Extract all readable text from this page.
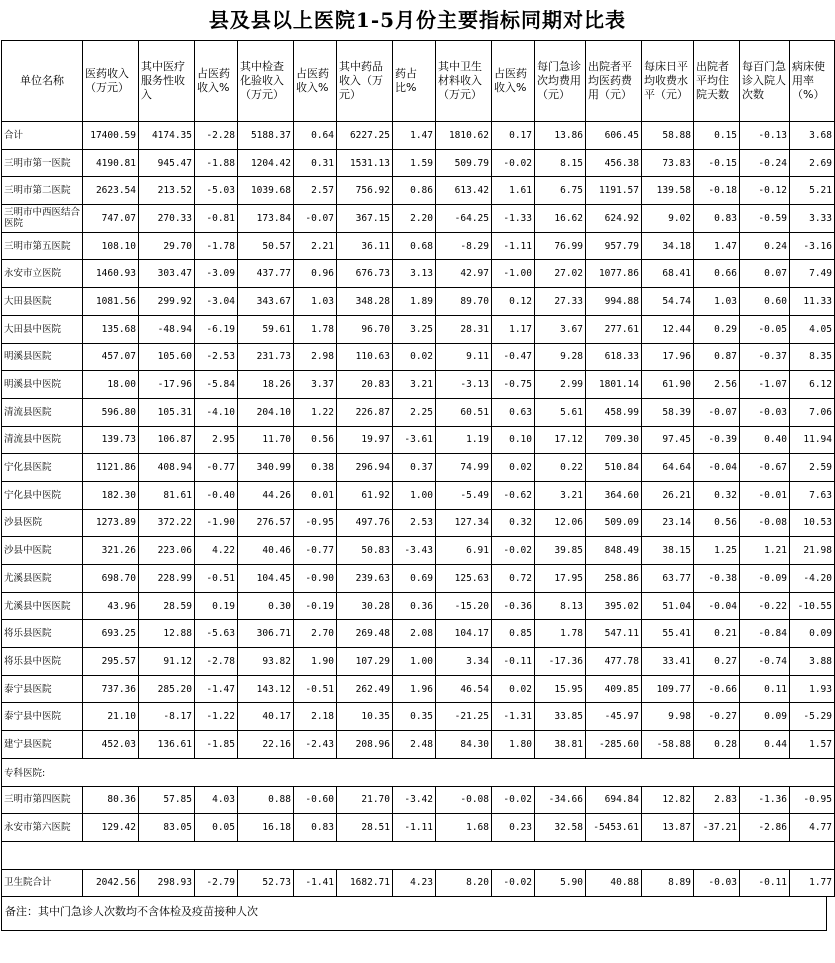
县及县以上医院1-5月份主要指标同期对比表
单位名称	医药收入（万元）	其中医疗服务性收入	占医药收入%	其中检查化验收入（万元）	占医药收入%	其中药品收入（万元）	药占比%	其中卫生材料收入（万元）	占医药收入%	每门急诊次均费用（元）	出院者平均医药费用（元）	每床日平均收费水平（元）	出院者平均住院天数	每百门急诊入院人次数	病床使用率（%）
合计	17400.59	4174.35	-2.28	5188.37	0.64	6227.25	1.47	1810.62	0.17	13.86	606.45	58.88	0.15	-0.13	3.68
三明市第一医院	4190.81	945.47	-1.88	1204.42	0.31	1531.13	1.59	509.79	-0.02	8.15	456.38	73.83	-0.15	-0.24	2.69
三明市第二医院	2623.54	213.52	-5.03	1039.68	2.57	756.92	0.86	613.42	1.61	6.75	1191.57	139.58	-0.18	-0.12	5.21
三明市中西医结合医院	747.07	270.33	-0.81	173.84	-0.07	367.15	2.20	-64.25	-1.33	16.62	624.92	9.02	0.83	-0.59	3.33
三明市第五医院	108.10	29.70	-1.78	50.57	2.21	36.11	0.68	-8.29	-1.11	76.99	957.79	34.18	1.47	0.24	-3.16
永安市立医院	1460.93	303.47	-3.09	437.77	0.96	676.73	3.13	42.97	-1.00	27.02	1077.86	68.41	0.66	0.07	7.49
大田县医院	1081.56	299.92	-3.04	343.67	1.03	348.28	1.89	89.70	0.12	27.33	994.88	54.74	1.03	0.60	11.33
大田县中医院	135.68	-48.94	-6.19	59.61	1.78	96.70	3.25	28.31	1.17	3.67	277.61	12.44	0.29	-0.05	4.05
明溪县医院	457.07	105.60	-2.53	231.73	2.98	110.63	0.02	9.11	-0.47	9.28	618.33	17.96	0.87	-0.37	8.35
明溪县中医院	18.00	-17.96	-5.84	18.26	3.37	20.83	3.21	-3.13	-0.75	2.99	1801.14	61.90	2.56	-1.07	6.12
清流县医院	596.80	105.31	-4.10	204.10	1.22	226.87	2.25	60.51	0.63	5.61	458.99	58.39	-0.07	-0.03	7.06
清流县中医院	139.73	106.87	2.95	11.70	0.56	19.97	-3.61	1.19	0.10	17.12	709.30	97.45	-0.39	0.40	11.94
宁化县医院	1121.86	408.94	-0.77	340.99	0.38	296.94	0.37	74.99	0.02	0.22	510.84	64.64	-0.04	-0.67	2.59
宁化县中医院	182.30	81.61	-0.40	44.26	0.01	61.92	1.00	-5.49	-0.62	3.21	364.60	26.21	0.32	-0.01	7.63
沙县医院	1273.89	372.22	-1.90	276.57	-0.95	497.76	2.53	127.34	0.32	12.06	509.09	23.14	0.56	-0.08	10.53
沙县中医院	321.26	223.06	4.22	40.46	-0.77	50.83	-3.43	6.91	-0.02	39.85	848.49	38.15	1.25	1.21	21.98
尤溪县医院	698.70	228.99	-0.51	104.45	-0.90	239.63	0.69	125.63	0.72	17.95	258.86	63.77	-0.38	-0.09	-4.20
尤溪县中医医院	43.96	28.59	0.19	0.30	-0.19	30.28	0.36	-15.20	-0.36	8.13	395.02	51.04	-0.04	-0.22	-10.55
将乐县医院	693.25	12.88	-5.63	306.71	2.70	269.48	2.08	104.17	0.85	1.78	547.11	55.41	0.21	-0.84	0.09
将乐县中医院	295.57	91.12	-2.78	93.82	1.90	107.29	1.00	3.34	-0.11	-17.36	477.78	33.41	0.27	-0.74	3.88
泰宁县医院	737.36	285.20	-1.47	143.12	-0.51	262.49	1.96	46.54	0.02	15.95	409.85	109.77	-0.66	0.11	1.93
泰宁县中医院	21.10	-8.17	-1.22	40.17	2.18	10.35	0.35	-21.25	-1.31	33.85	-45.97	9.98	-0.27	0.09	-5.29
建宁县医院	452.03	136.61	-1.85	22.16	-2.43	208.96	2.48	84.30	1.80	38.81	-285.60	-58.88	0.28	0.44	1.57
专科医院:															
三明市第四医院	80.36	57.85	4.03	0.88	-0.60	21.70	-3.42	-0.08	-0.02	-34.66	694.84	12.82	2.83	-1.36	-0.95
永安市第六医院	129.42	83.05	0.05	16.18	0.83	28.51	-1.11	1.68	0.23	32.58	-5453.61	13.87	-37.21	-2.86	4.77

卫生院合计	2042.56	298.93	-2.79	52.73	-1.41	1682.71	4.23	8.20	-0.02	5.90	40.88	8.89	-0.03	-0.11	1.77
备注：其中门急诊人次数均不含体检及疫苗接种人次
